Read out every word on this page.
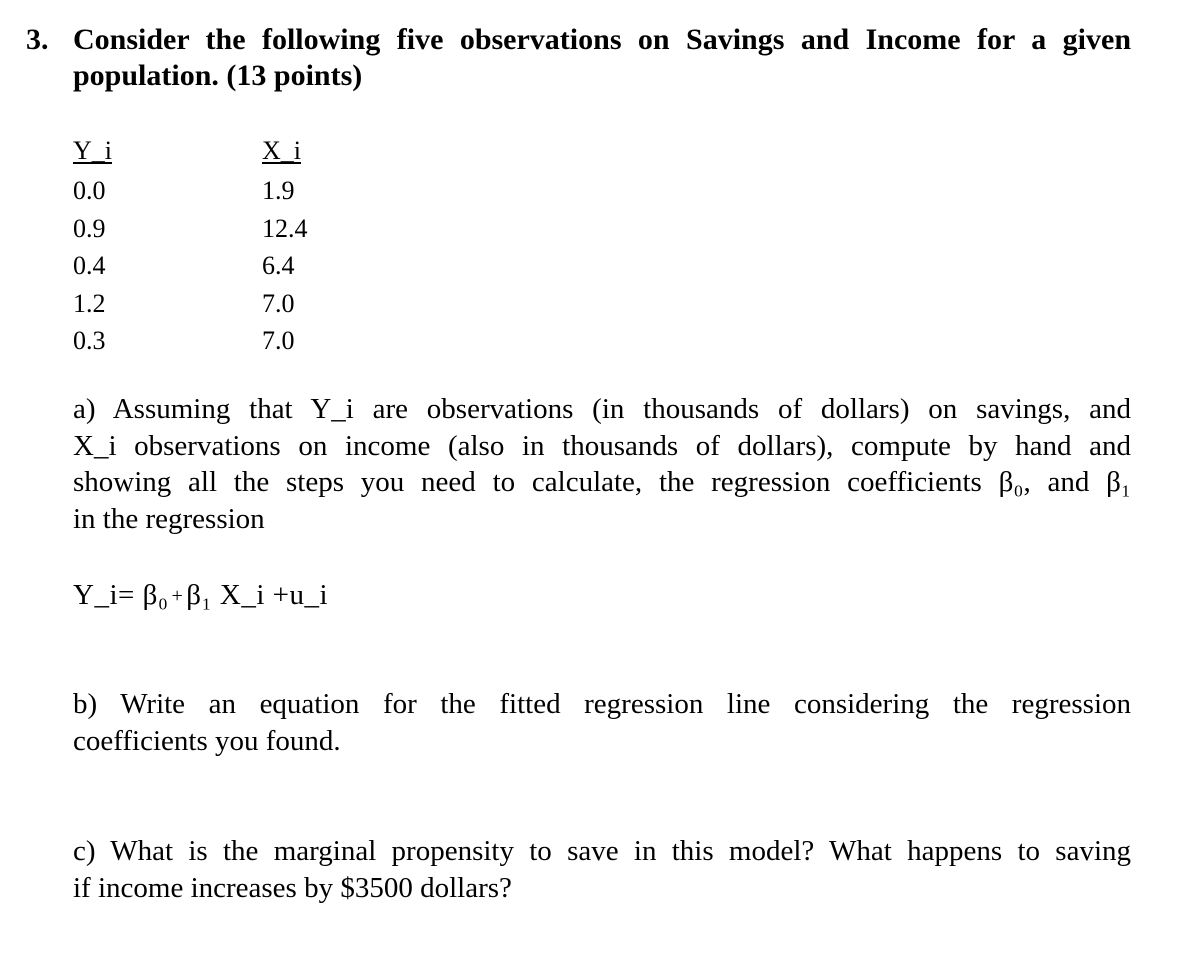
3. Consider the following five observations on Savings and Income for a given
population. (13 points)
Y_i
0.0
0.9
0.4
1.2
0.3
X_i
1.9
12.4
6.4
7.0
7.0
a) Assuming that Y_i are observations (in thousands of dollars) on savings, and
X_i observations on income (also in thousands of dollars), compute by hand and
showing all the steps you need to calculate, the regression coefficients β₀, and β₁
in the regression
Y_i= β₀ + β₁ X_i +u_i
b) Write an equation for the fitted regression line considering the regression
coefficients you found.
c) What is the marginal propensity to save in this model? What happens to saving
if income increases by $3500 dollars?
